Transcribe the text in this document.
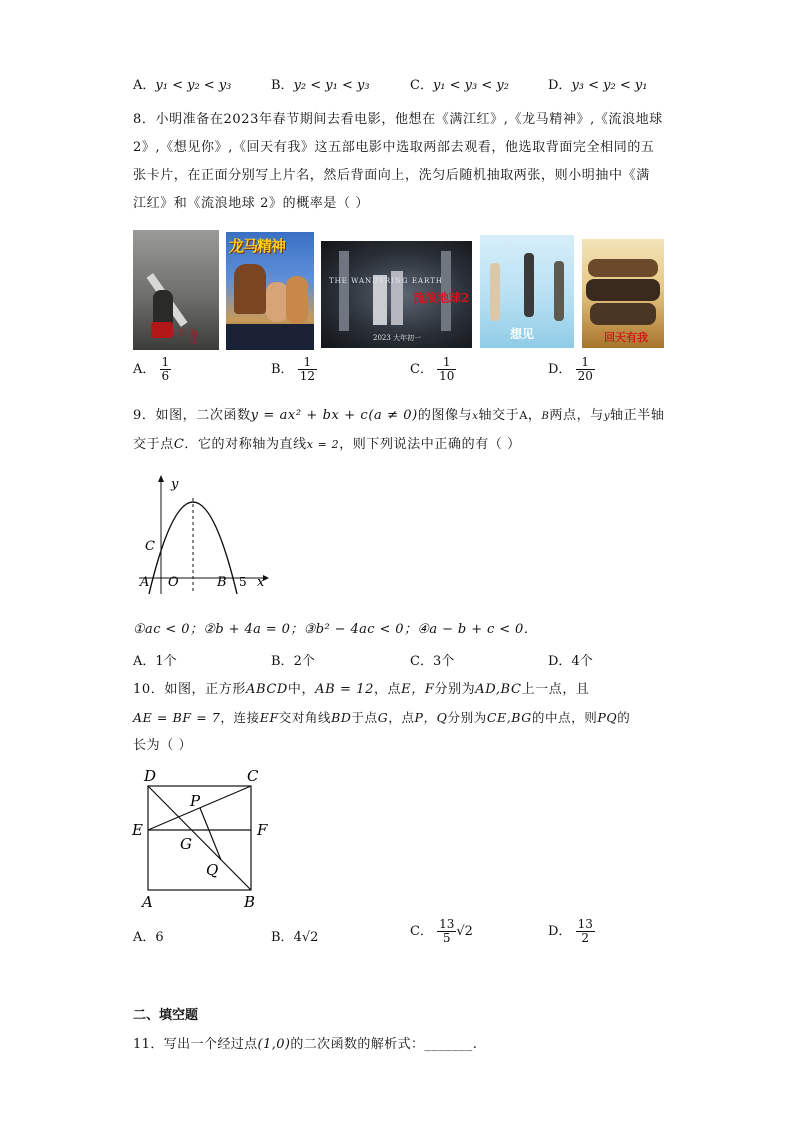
A．y₁ < y₂ < y₃	B．y₂ < y₁ < y₃	C．y₁ < y₃ < y₂	D．y₃ < y₂ < y₁
8．小明准备在2023年春节期间去看电影，他想在《满江红》,《龙马精神》,《流浪地球
2》,《想见你》,《回天有我》这五部电影中选取两部去观看，他选取背面完全相同的五
张卡片，在正面分别写上片名，然后背面向上，洗匀后随机抽取两张，则小明抽中《满
江红》和《流浪地球 2》的概率是（ ）
满江红
龙马精神
THE WANDERING EARTH
流浪地球2
2023 大年初一	想见	回天有我
A． $\frac{1}{6}$	B． $\frac{1}{12}$	C． $\frac{1}{10}$	D． $\frac{1}{20}$
9．如图，二次函数y = ax² + bx + c(a ≠ 0)的图像与x轴交于A，B两点，与y轴正半轴
交于点C．它的对称轴为直线x = 2，则下列说法中正确的有（ ）
y
C
A O	B 5 x
①ac < 0；②b + 4a = 0；③b² − 4ac < 0；④a − b + c < 0．
A．1个	B．2个	C．3个	D．4个
10．如图，正方形ABCD中，AB = 12，点E，F分别为AD,BC上一点，且
AE = BF = 7，连接EF交对角线BD于点G，点P，Q分别为CE,BG的中点，则PQ的
长为（ ）
D	C
P
E	F
G
Q
A	B
A．6	B．4√2	C． $\frac{13}{5} √2$	D． $\frac{13}{2}$
二、填空题
11．写出一个经过点(1,0)的二次函数的解析式：_______.
